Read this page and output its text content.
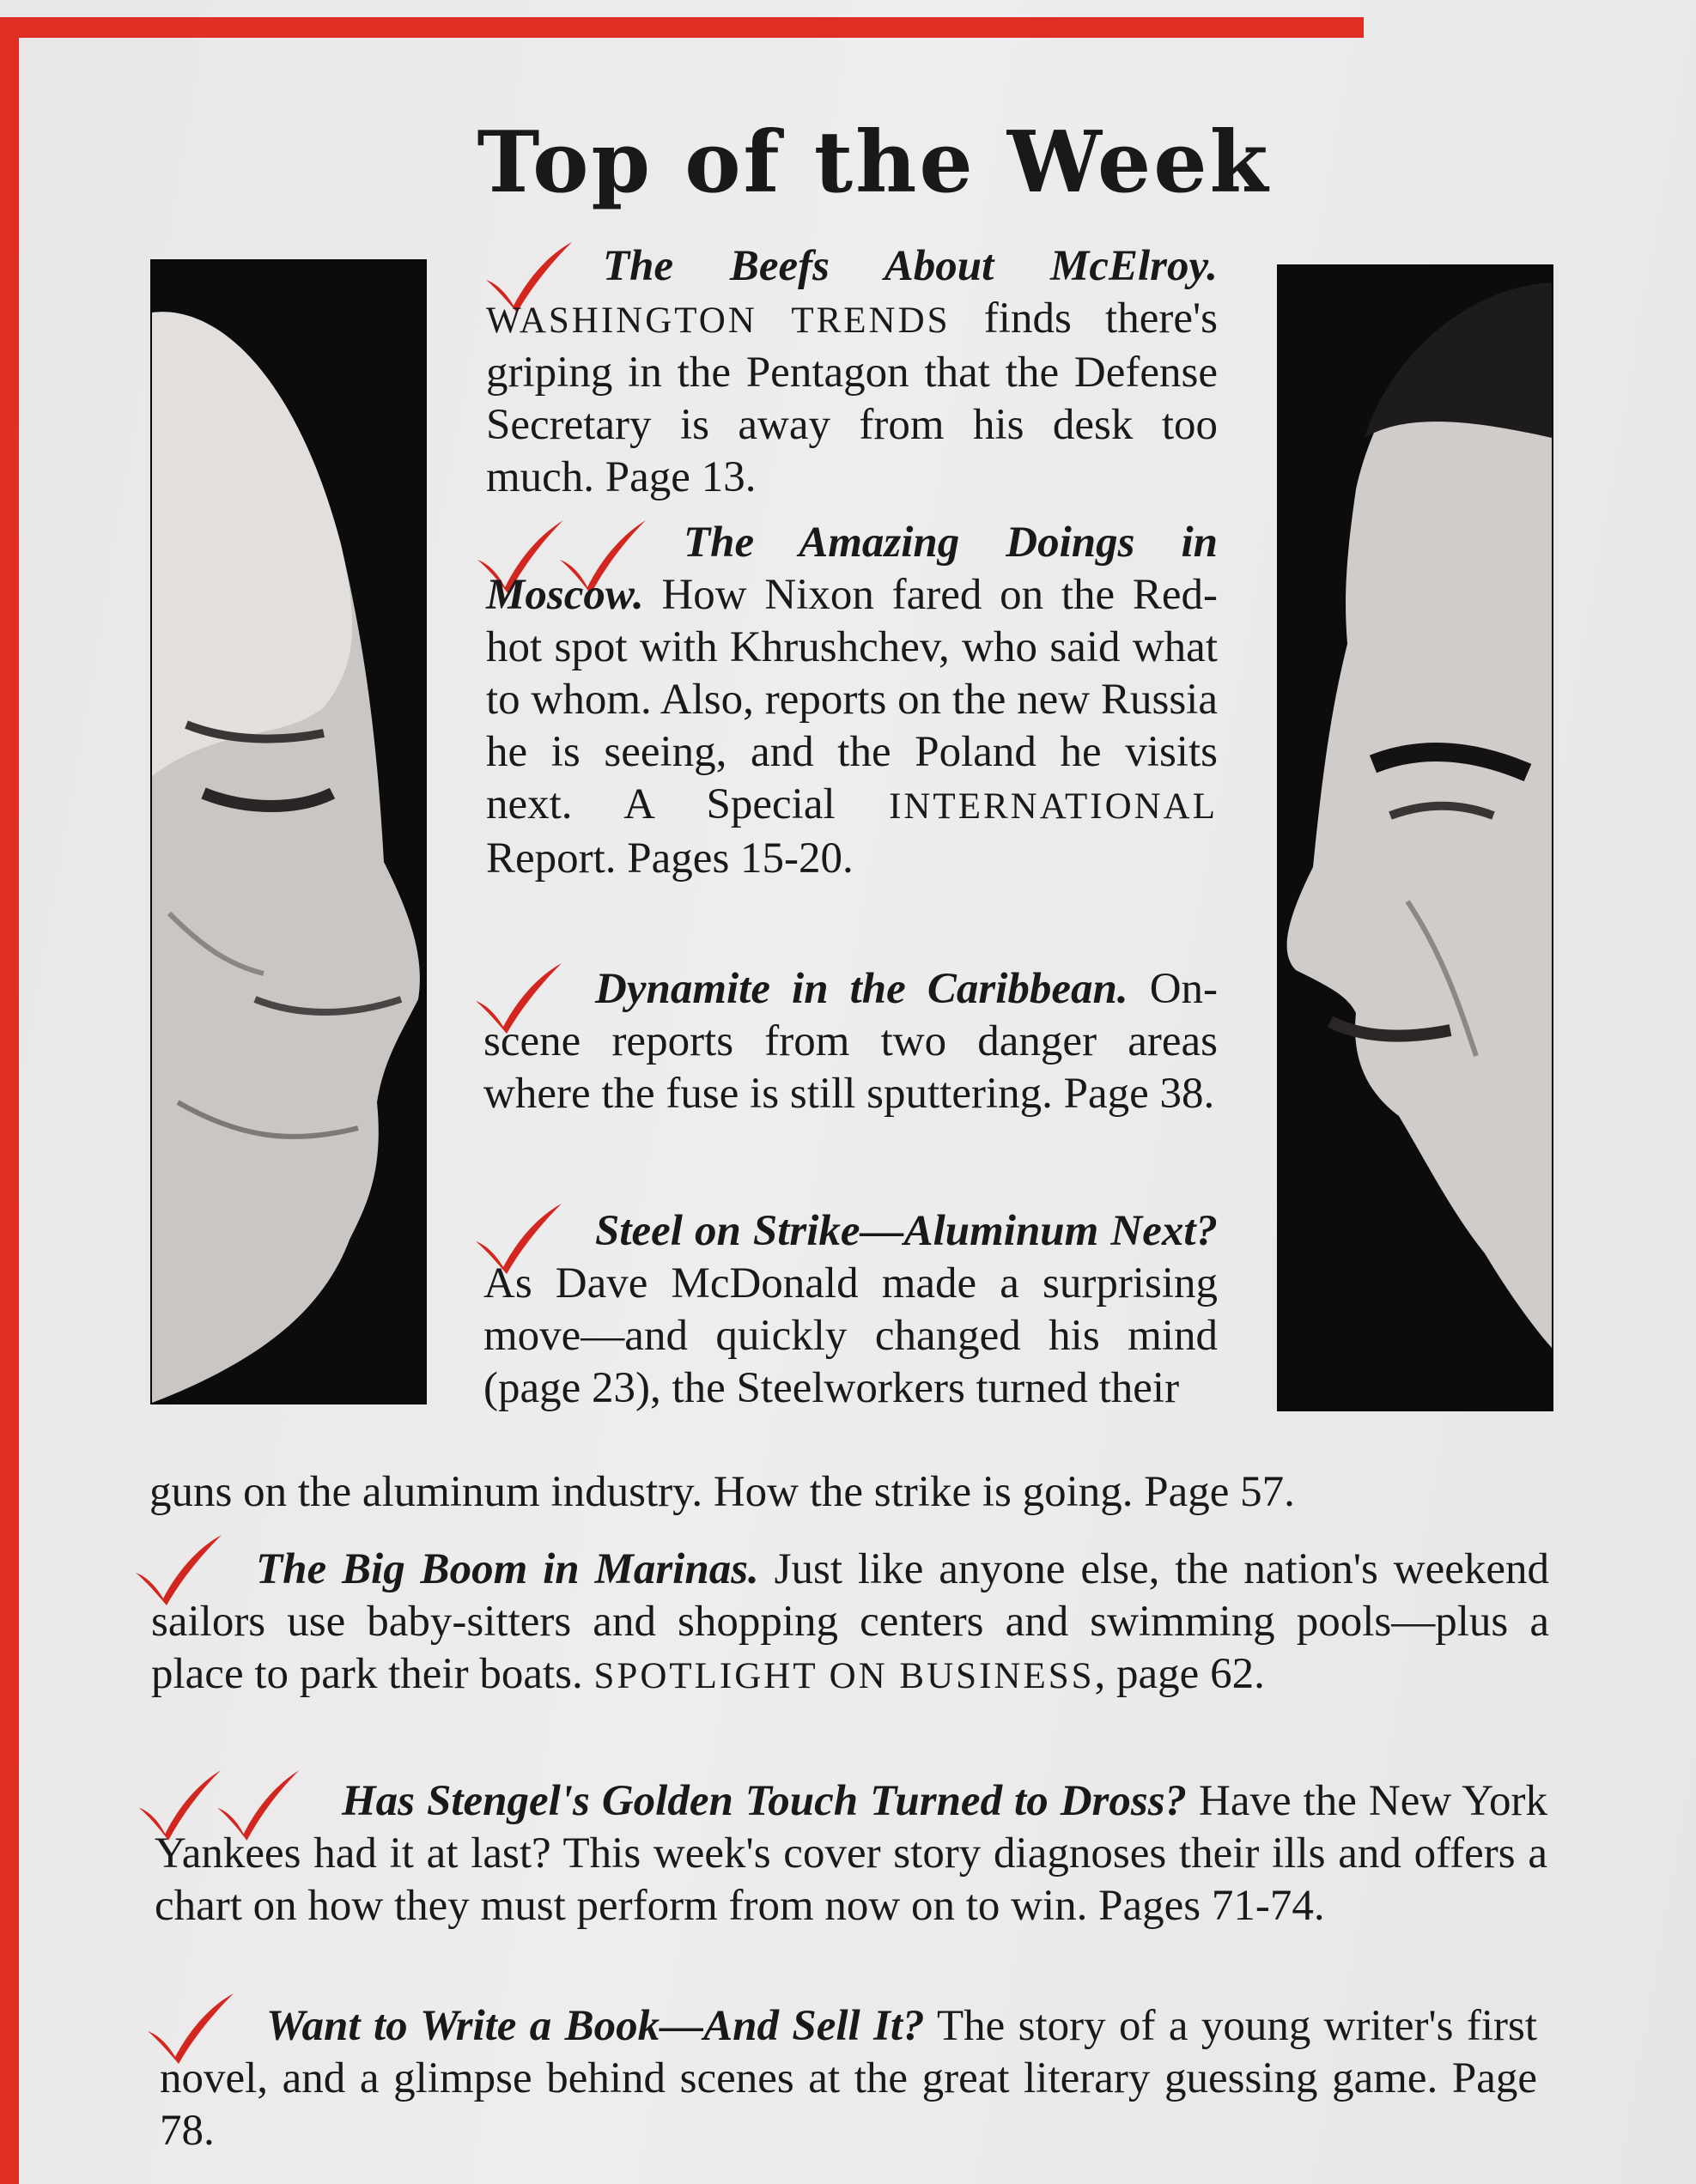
Top of the Week

The Beefs About McElroy. WASHINGTON TRENDS finds there's griping in the Pentagon that the Defense Secretary is away from his desk too much. Page 13.

The Amazing Doings in Moscow. How Nixon fared on the Red-hot spot with Khrushchev, who said what to whom. Also, reports on the new Russia he is seeing, and the Poland he visits next. A Special INTERNATIONAL Report. Pages 15-20.

Dynamite in the Caribbean. On-scene reports from two danger areas where the fuse is still sputtering. Page 38.

Steel on Strike—Aluminum Next? As Dave McDonald made a surprising move—and quickly changed his mind (page 23), the Steelworkers turned their

guns on the aluminum industry. How the strike is going. Page 57.

The Big Boom in Marinas. Just like anyone else, the nation's weekend sailors use baby-sitters and shopping centers and swimming pools—plus a place to park their boats. SPOTLIGHT ON BUSINESS, page 62.

Has Stengel's Golden Touch Turned to Dross? Have the New York Yankees had it at last? This week's cover story diagnoses their ills and offers a chart on how they must perform from now on to win. Pages 71-74.

Want to Write a Book—And Sell It? The story of a young writer's first novel, and a glimpse behind scenes at the great literary guessing game. Page 78.
